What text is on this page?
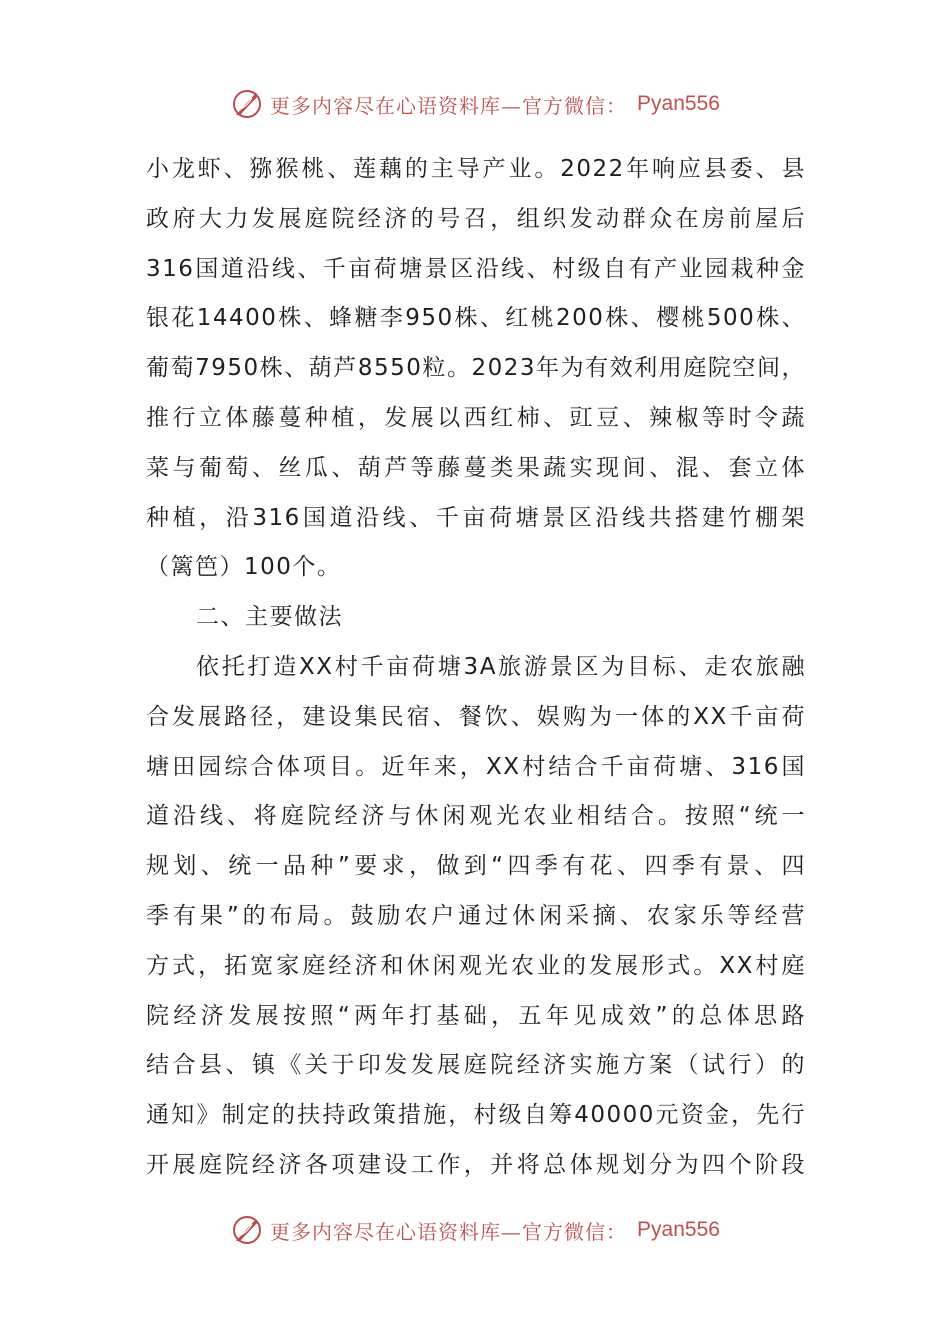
更多内容尽在心语资料库—官方微信： Pyan556
小龙虾、猕猴桃、莲藕的主导产业。2022年响应县委、县
政府大力发展庭院经济的号召，组织发动群众在房前屋后
316国道沿线、千亩荷塘景区沿线、村级自有产业园栽种金
银花14400株、蜂糖李950株、红桃200株、樱桃500株、
葡萄7950株、葫芦8550粒。2023年为有效利用庭院空间，
推行立体藤蔓种植，发展以西红柿、豇豆、辣椒等时令蔬
菜与葡萄、丝瓜、葫芦等藤蔓类果蔬实现间、混、套立体
种植，沿316国道沿线、千亩荷塘景区沿线共搭建竹棚架
（篱笆）100个。
二、主要做法
依托打造XX村千亩荷塘3A旅游景区为目标、走农旅融
合发展路径，建设集民宿、餐饮、娱购为一体的XX千亩荷
塘田园综合体项目。近年来，XX村结合千亩荷塘、316国
道沿线、将庭院经济与休闲观光农业相结合。按照“统一
规划、统一品种”要求，做到“四季有花、四季有景、四
季有果”的布局。鼓励农户通过休闲采摘、农家乐等经营
方式，拓宽家庭经济和休闲观光农业的发展形式。XX村庭
院经济发展按照“两年打基础，五年见成效”的总体思路
结合县、镇《关于印发发展庭院经济实施方案（试行）的
通知》制定的扶持政策措施，村级自筹40000元资金，先行
开展庭院经济各项建设工作，并将总体规划分为四个阶段
更多内容尽在心语资料库—官方微信： Pyan556
